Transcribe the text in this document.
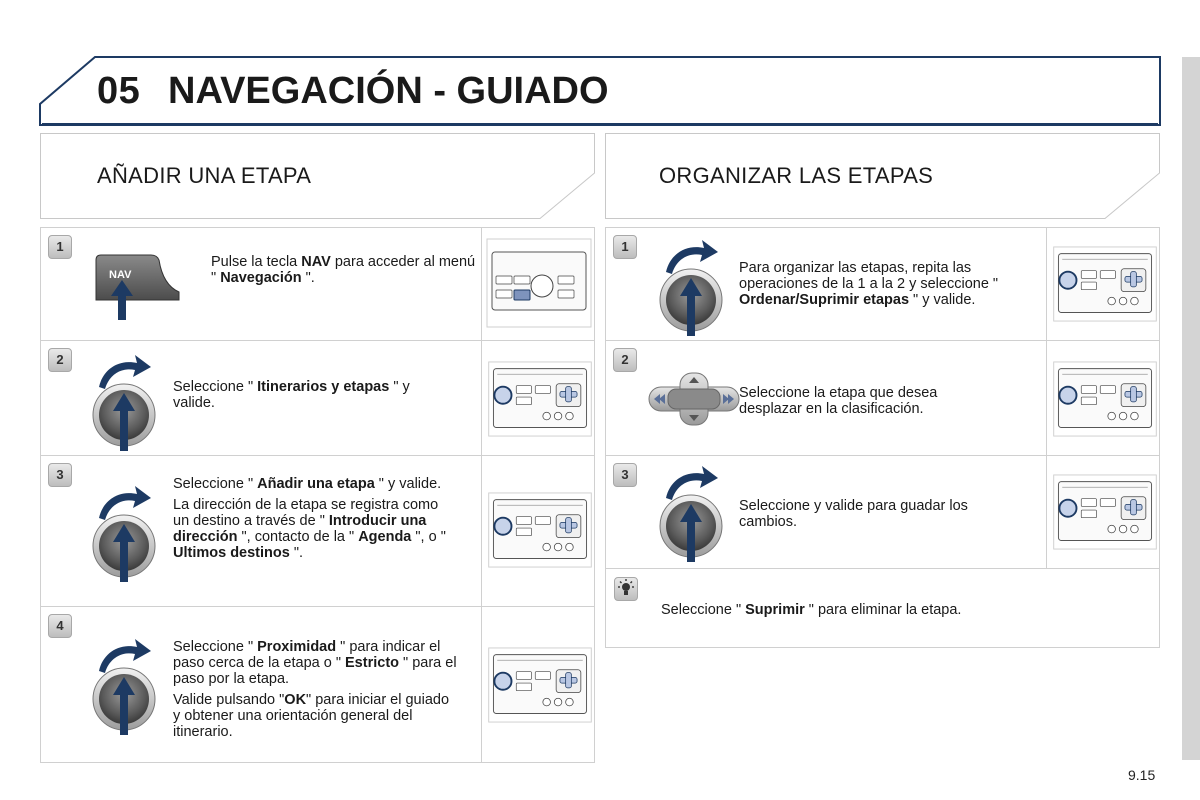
05 NAVEGACIÓN - GUIADO
AÑADIR UNA ETAPA	ORGANIZAR LAS ETAPAS
1
NAV
Pulse la tecla NAV para acceder al menú " Navegación ".
2
Seleccione " Itinerarios y etapas " y valide.
3

Seleccione " Añadir una etapa " y valide.

La dirección de la etapa se registra como un destino a través de " Introducir una dirección ", contacto de la " Agenda ", o " Ultimos destinos ".

4

Seleccione " Proximidad " para indicar el paso cerca de la etapa o " Estricto " para el paso por la etapa.

Valide pulsando "OK" para iniciar el guiado y obtener una orientación general del itinerario.

1
Para organizar las etapas, repita las operaciones de la 1 a la 2 y seleccione " Ordenar/Suprimir etapas " y valide.
2
Seleccione la etapa que desea desplazar en la clasificación.
3
Seleccione y valide para guadar los cambios.
Seleccione " Suprimir " para eliminar la etapa.
9.15
